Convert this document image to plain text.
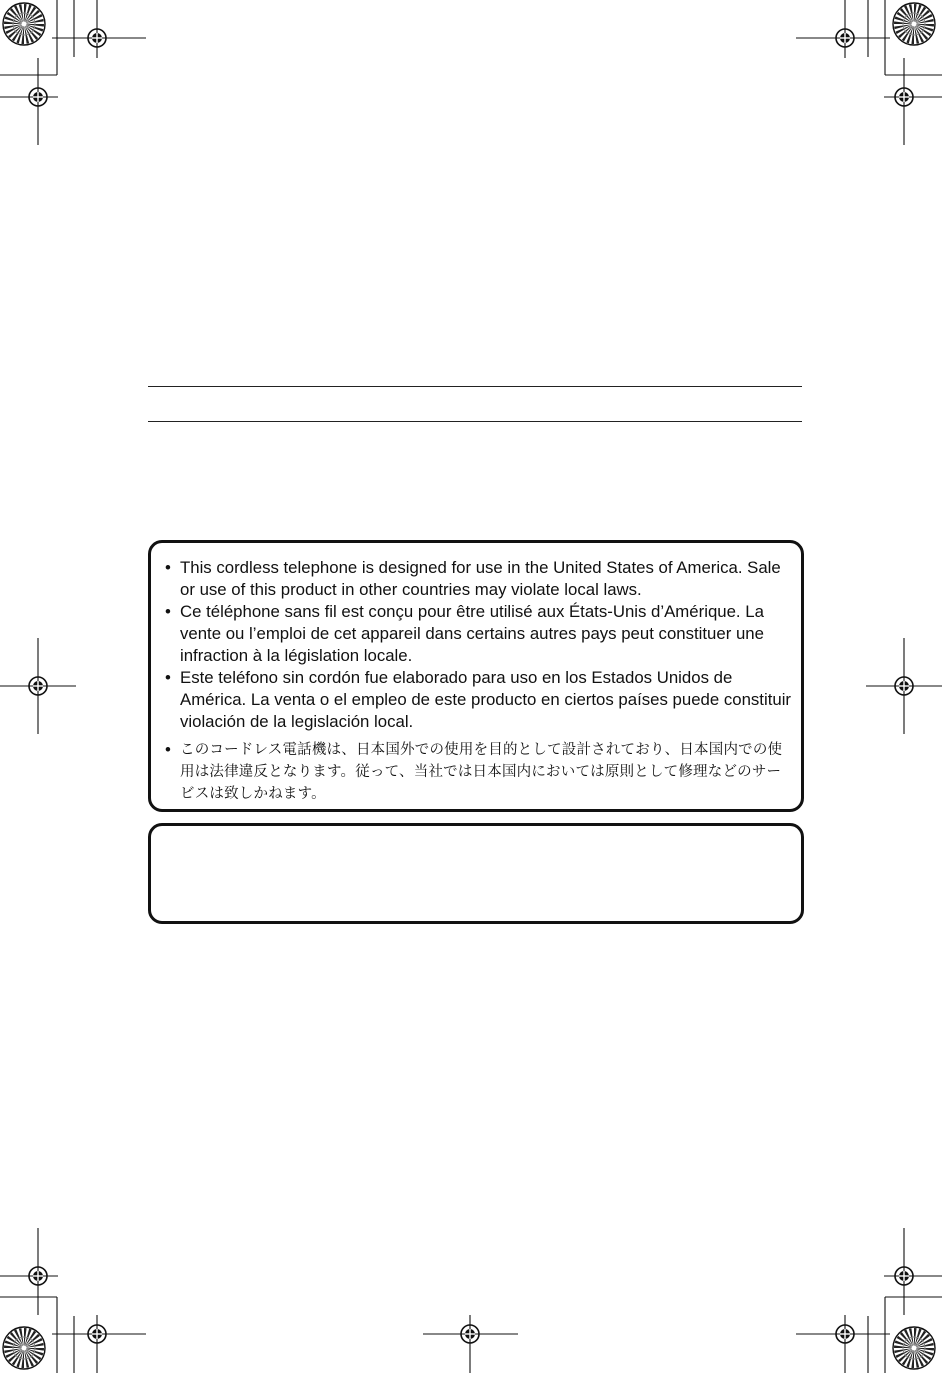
• This cordless telephone is designed for use in the United States of America. Sale or use of this product in other countries may violate local laws.
• Ce téléphone sans fil est conçu pour être utilisé aux États-Unis d’Amérique. La vente ou l’emploi de cet appareil dans certains autres pays peut constituer une infraction à la législation locale.
• Este teléfono sin cordón fue elaborado para uso en los Estados Unidos de América. La venta o el empleo de este producto en ciertos países puede constituir violación de la legislación local.
• このコードレス電話機は、日本国外での使用を目的として設計されており、日本国内での使用は法律違反となります。従って、当社では日本国内においては原則として修理などのサービスは致しかねます。
